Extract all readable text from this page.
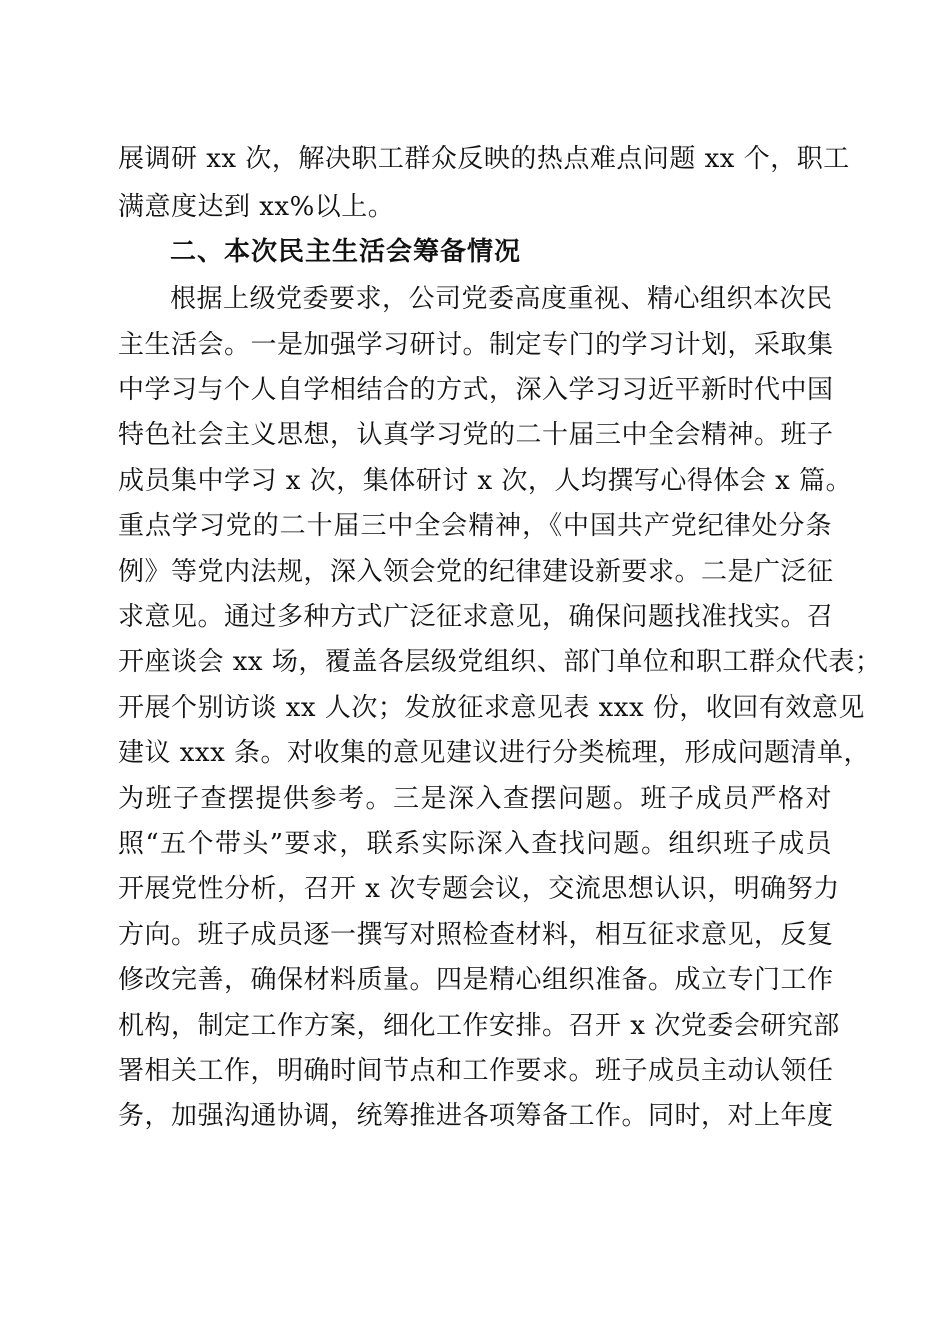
展调研 xx 次，解决职工群众反映的热点难点问题 xx 个，职工
满意度达到 xx%以上。
二、本次民主生活会筹备情况
根据上级党委要求，公司党委高度重视、精心组织本次民
主生活会。一是加强学习研讨。制定专门的学习计划，采取集
中学习与个人自学相结合的方式，深入学习习近平新时代中国
特色社会主义思想，认真学习党的二十届三中全会精神。班子
成员集中学习 x 次，集体研讨 x 次，人均撰写心得体会 x 篇。
重点学习党的二十届三中全会精神，《中国共产党纪律处分条
例》等党内法规，深入领会党的纪律建设新要求。二是广泛征
求意见。通过多种方式广泛征求意见，确保问题找准找实。召
开座谈会 xx 场，覆盖各层级党组织、部门单位和职工群众代表；
开展个别访谈 xx 人次；发放征求意见表 xxx 份，收回有效意见
建议 xxx 条。对收集的意见建议进行分类梳理，形成问题清单，
为班子查摆提供参考。三是深入查摆问题。班子成员严格对
照“五个带头”要求，联系实际深入查找问题。组织班子成员
开展党性分析，召开 x 次专题会议，交流思想认识，明确努力
方向。班子成员逐一撰写对照检查材料，相互征求意见，反复
修改完善，确保材料质量。四是精心组织准备。成立专门工作
机构，制定工作方案，细化工作安排。召开 x 次党委会研究部
署相关工作，明确时间节点和工作要求。班子成员主动认领任
务，加强沟通协调，统筹推进各项筹备工作。同时，对上年度
